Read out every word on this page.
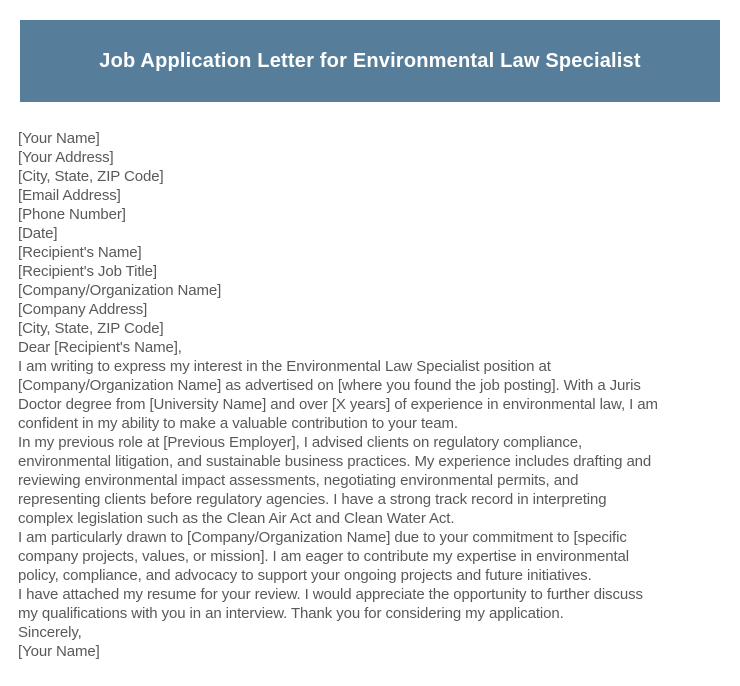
Job Application Letter for Environmental Law Specialist
[Your Name]
[Your Address]
[City, State, ZIP Code]
[Email Address]
[Phone Number]
[Date]
[Recipient's Name]
[Recipient's Job Title]
[Company/Organization Name]
[Company Address]
[City, State, ZIP Code]
Dear [Recipient's Name],
I am writing to express my interest in the Environmental Law Specialist position at
[Company/Organization Name] as advertised on [where you found the job posting]. With a Juris
Doctor degree from [University Name] and over [X years] of experience in environmental law, I am
confident in my ability to make a valuable contribution to your team.
In my previous role at [Previous Employer], I advised clients on regulatory compliance,
environmental litigation, and sustainable business practices. My experience includes drafting and
reviewing environmental impact assessments, negotiating environmental permits, and
representing clients before regulatory agencies. I have a strong track record in interpreting
complex legislation such as the Clean Air Act and Clean Water Act.
I am particularly drawn to [Company/Organization Name] due to your commitment to [specific
company projects, values, or mission]. I am eager to contribute my expertise in environmental
policy, compliance, and advocacy to support your ongoing projects and future initiatives.
I have attached my resume for your review. I would appreciate the opportunity to further discuss
my qualifications with you in an interview. Thank you for considering my application.
Sincerely,
[Your Name]
